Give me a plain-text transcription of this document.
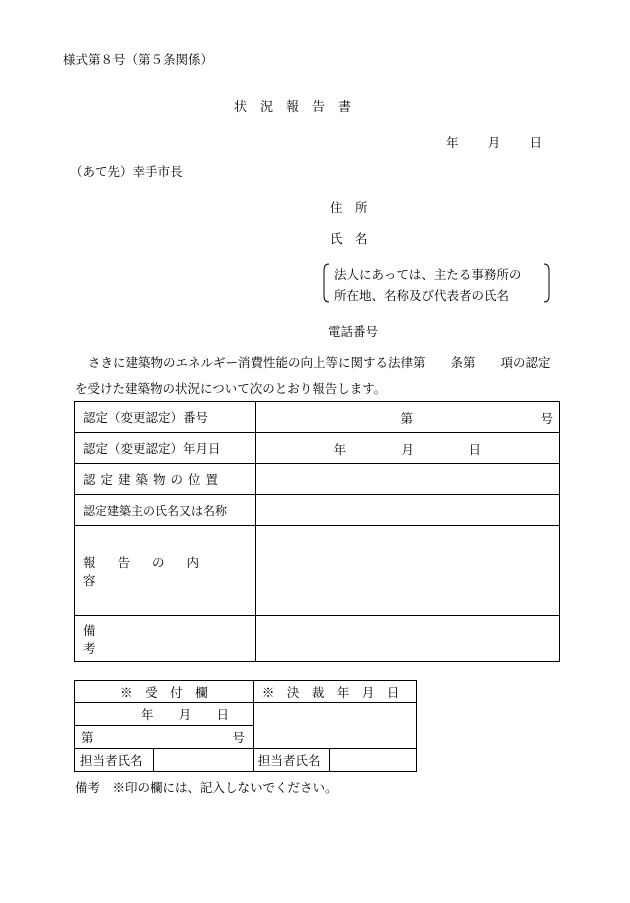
様式第８号（第５条関係）
状　況　報　告　書
年 月 日
（あて先）幸手市長
住　所
氏　名
法人にあっては、主たる事務所の
所在地、名称及び代表者の氏名
電話番号
さきに建築物のエネルギー消費性能の向上等に関する法律第　　条第　　項の認定
を受けた建築物の状況について次のとおり報告します。
認定（変更認定）番号	第 号

認定（変更認定）年月日	年 月 日

認定建築物の位置	
認定建築主の氏名又は名称	
報告の内容	
備考	
※　受　付　欄		※　決　裁　年　月　日	

年 月 日			

第 号			

担当者氏名		担当者氏名	
備考　※印の欄には、記入しないでください。
